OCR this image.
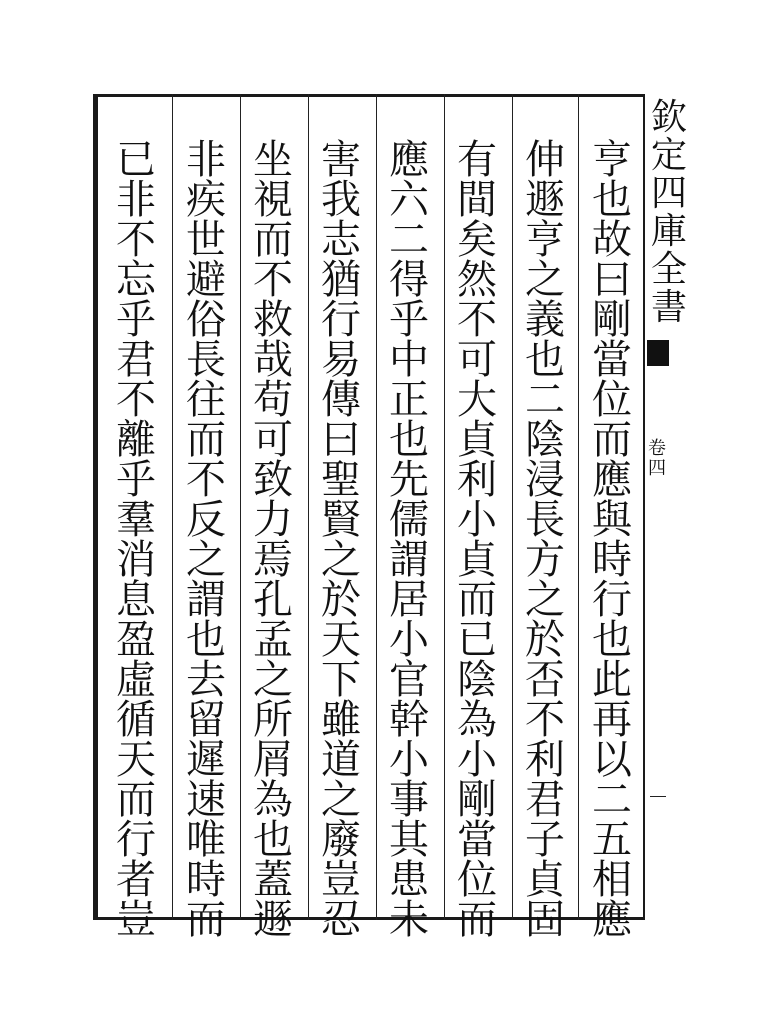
亨
也
故
曰
剛
當
位
而
應
與
時
行
也
此
再
以
二
五
相
應
伸
遯
亨
之
義
也
二
陰
浸
長
方
之
於
否
不
利
君
子
貞
固
有
間
矣
然
不
可
大
貞
利
小
貞
而
已
陰
為
小
剛
當
位
而
應
六
二
得
乎
中
正
也
先
儒
謂
居
小
官
幹
小
事
其
患
未
害
我
志
猶
行
易
傳
曰
聖
賢
之
於
天
下
雖
道
之
廢
豈
忍
坐
視
而
不
救
哉
苟
可
致
力
焉
孔
孟
之
所
屑
為
也
蓋
遯
非
疾
世
避
俗
長
往
而
不
反
之
謂
也
去
留
遲
速
唯
時
而
已
非
不
忘
乎
君
不
離
乎
羣
消
息
盈
虛
循
天
而
行
者
豈
欽
定
四
庫
全
書
卷
四
